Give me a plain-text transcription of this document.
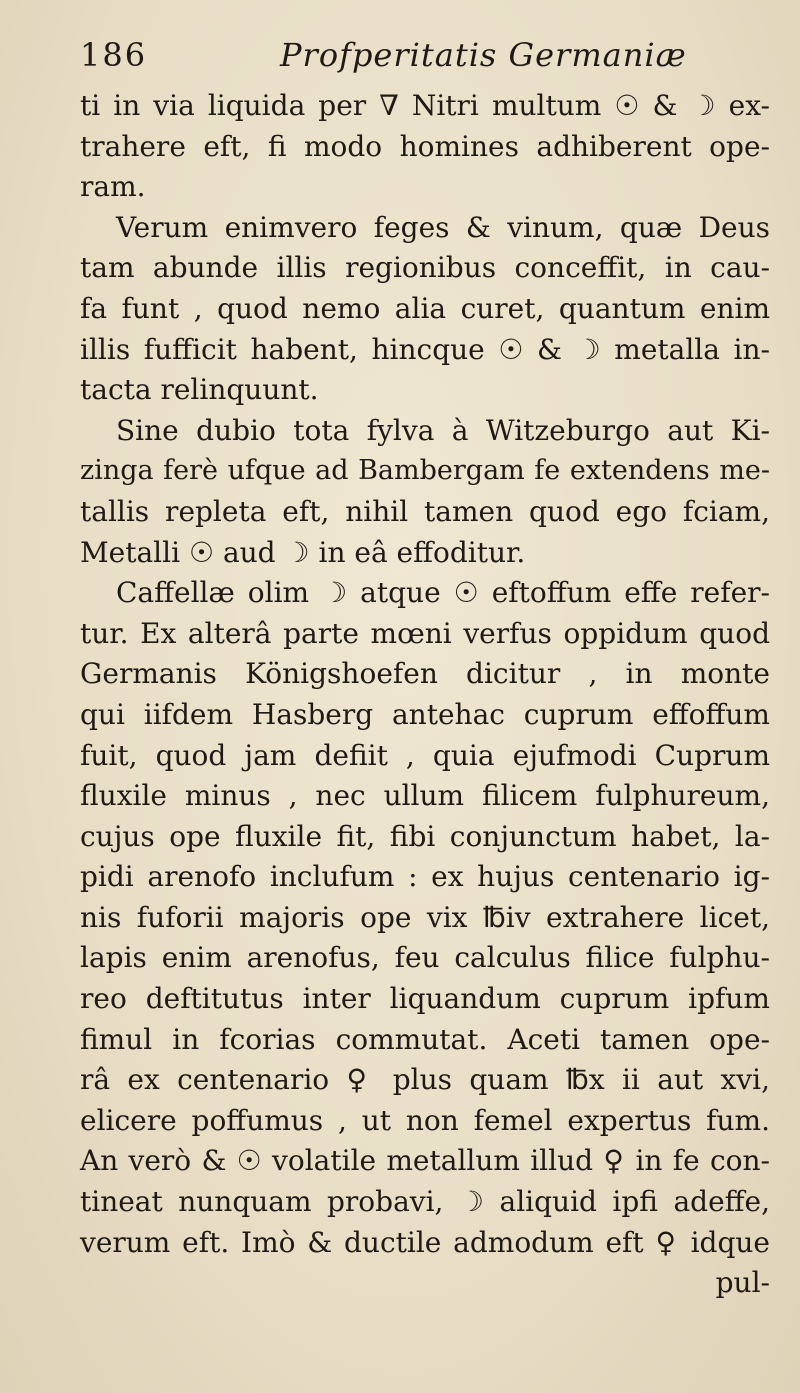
186	Profperitatis Germaniæ
ti in via liquida per ∇ Nitri multum ☉ & ☽ ex-
trahere eft, fi modo homines adhiberent ope-
ram.
Verum enimvero feges & vinum, quæ Deus
tam abunde illis regionibus conceffit, in cau-
fa funt , quod nemo alia curet, quantum enim
illis fufficit habent, hincque ☉ & ☽ metalla in-
tacta relinquunt.
Sine dubio tota fylva à Witzeburgo aut Ki-
zinga ferè ufque ad Bambergam fe extendens me-
tallis repleta eft, nihil tamen quod ego fciam,
Metalli ☉ aud ☽ in eâ effoditur.
Caffellæ olim ☽ atque ☉ eftoffum effe refer-
tur. Ex alterâ parte mœni verfus oppidum quod
Germanis Königshoefen dicitur , in monte
qui iifdem Hasberg antehac cuprum effoffum
fuit, quod jam defiit , quia ejufmodi Cuprum
fluxile minus , nec ullum filicem fulphureum,
cujus ope fluxile fit, fibi conjunctum habet, la-
pidi arenofo inclufum : ex hujus centenario ig-
nis fuforii majoris ope vix ℔iv extrahere licet,
lapis enim arenofus, feu calculus filice fulphu-
reo deftitutus inter liquandum cuprum ipfum
fimul in fcorias commutat. Aceti tamen ope-
râ ex centenario ♀ plus quam ℔x ii aut xvi,
elicere poffumus , ut non femel expertus fum.
An verò & ☉ volatile metallum illud ♀ in fe con-
tineat nunquam probavi, ☽ aliquid ipfi adeffe,
verum eft. Imò & ductile admodum eft ♀ idque
pul-
